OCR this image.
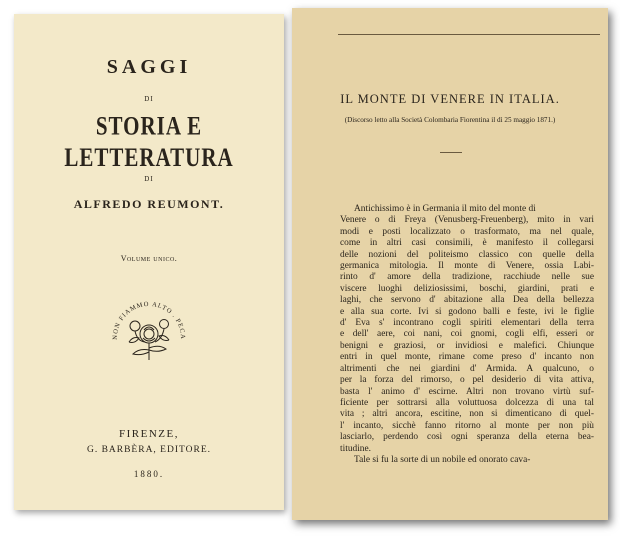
SAGGI
DI
STORIA E LETTERATURA
DI
ALFREDO REUMONT.
Volume unico.
NON FIAMMO ALTO . PECA
FIRENZE,
G. BARBÈRA, EDITORE.
1880.
IL MONTE DI VENERE IN ITALIA.
(Discorso letto alla Società Colombaria Fiorentina il dì 25 maggio 1871.)
Antichissimo è in Germania il mito del monte di
Venere o di Freya (Venusberg-Freuenberg), mito in vari
modi e posti localizzato o trasformato, ma nel quale,
come in altri casi consimili, è manifesto il collegarsi
delle nozioni del politeismo classico con quelle della
germanica mitologia. Il monte di Venere, ossia Labi-
rinto d' amore della tradizione, racchiude nelle sue
viscere luoghi deliziosissimi, boschi, giardini, prati e
laghi, che servono d' abitazione alla Dea della bellezza
e alla sua corte. Ivi si godono balli e feste, ivi le figlie
d' Eva s' incontrano cogli spiriti elementari della terra
e dell' aere, coi nani, coi gnomi, cogli elfi, esseri or
benigni e graziosi, or invidiosi e malefici. Chiunque
entri in quel monte, rimane come preso d' incanto non
altrimenti che nei giardini d' Armida. A qualcuno, o
per la forza del rimorso, o pel desiderio di vita attiva,
basta l' animo d' escirne. Altri non trovano virtù suf-
ficiente per sottrarsi alla voluttuosa dolcezza di una tal
vita ; altri ancora, escitine, non si dimenticano di quel-
l' incanto, sicchè fanno ritorno al monte per non più
lasciarlo, perdendo così ogni speranza della eterna bea-
titudine.
Tale si fu la sorte di un nobile ed onorato cava-
